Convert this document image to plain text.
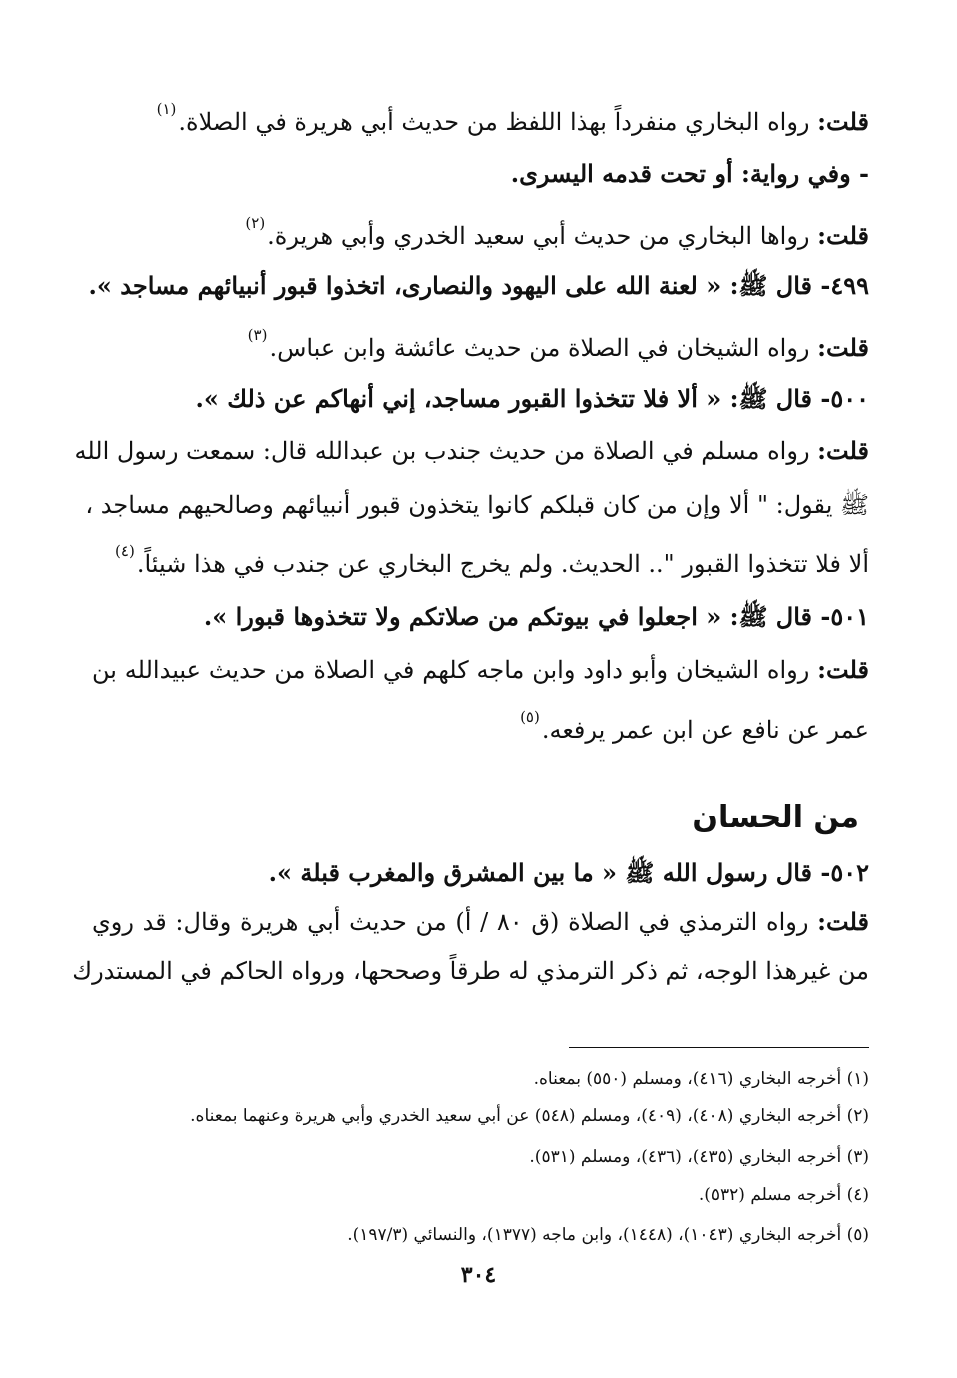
قلت: رواه البخاري منفرداً بهذا اللفظ من حديث أبي هريرة في الصلاة.$^{(١)}$
- وفي رواية: أو تحت قدمه اليسرى.
قلت: رواها البخاري من حديث أبي سعيد الخدري وأبي هريرة.$^{(٢)}$
٤٩٩- قال ﷺ: « لعنة الله على اليهود والنصارى، اتخذوا قبور أنبيائهم مساجد ».
قلت: رواه الشيخان في الصلاة من حديث عائشة وابن عباس.$^{(٣)}$
٥٠٠- قال ﷺ: « ألا فلا تتخذوا القبور مساجد، إني أنهاكم عن ذلك ».
قلت: رواه مسلم في الصلاة من حديث جندب بن عبدالله قال: سمعت رسول الله
ﷺ يقول: " ألا وإن من كان قبلكم كانوا يتخذون قبور أنبيائهم وصالحيهم مساجد ،
ألا فلا تتخذوا القبور ".. الحديث. ولم يخرج البخاري عن جندب في هذا شيئاً.$^{(٤)}$
٥٠١- قال ﷺ: « اجعلوا في بيوتكم من صلاتكم ولا تتخذوها قبورا ».
قلت: رواه الشيخان وأبو داود وابن ماجه كلهم في الصلاة من حديث عبيدالله بن
عمر عن نافع عن ابن عمر يرفعه.$^{(٥)}$
من الحسان
٥٠٢- قال رسول الله ﷺ « ما بين المشرق والمغرب قبلة ».
قلت: رواه الترمذي في الصلاة (ق ٨٠ / أ) من حديث أبي هريرة وقال: قد روي
من غيرهذا الوجه، ثم ذكر الترمذي له طرقاً وصححها، ورواه الحاكم في المستدرك
(١) أخرجه البخاري (٤١٦)، ومسلم (٥٥٠) بمعناه.
(٢) أخرجه البخاري (٤٠٨)، (٤٠٩)، ومسلم (٥٤٨) عن أبي سعيد الخدري وأبي هريرة وعنهما بمعناه.
(٣) أخرجه البخاري (٤٣٥)، (٤٣٦)، ومسلم (٥٣١).
(٤) أخرجه مسلم (٥٣٢).
(٥) أخرجه البخاري (١٠٤٣)، (١٤٤٨)، وابن ماجه (١٣٧٧)، والنسائي (١٩٧/٣).
٣٠٤
